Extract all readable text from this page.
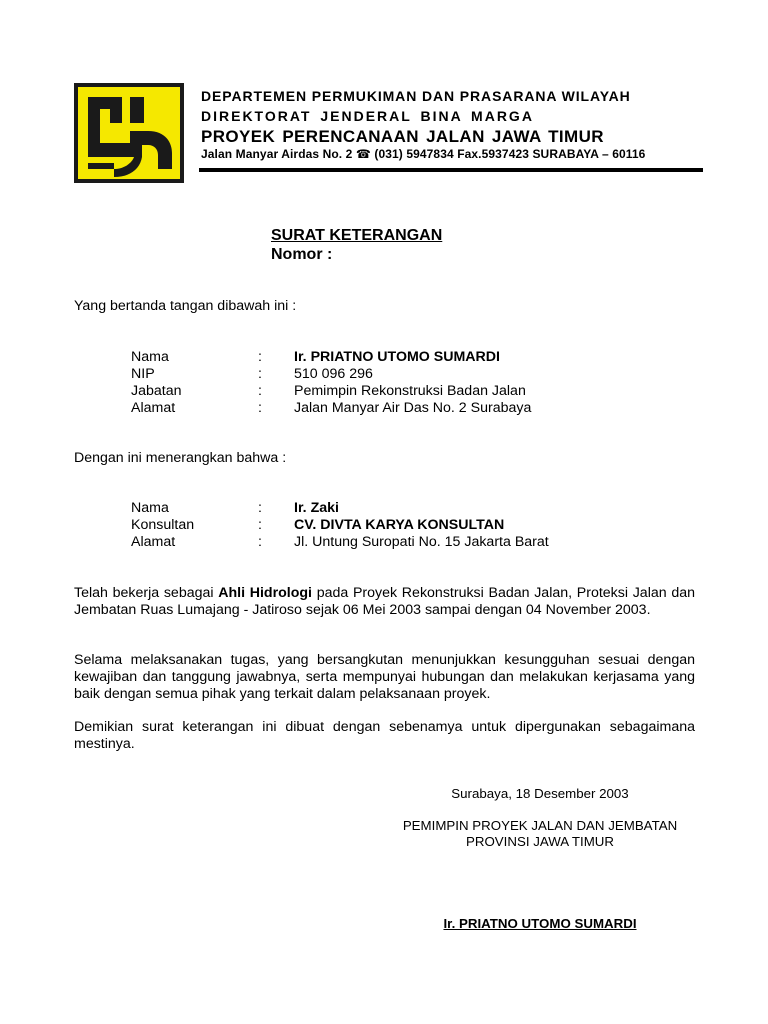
DEPARTEMEN PERMUKIMAN DAN PRASARANA WILAYAH
DIREKTORAT JENDERAL BINA MARGA
PROYEK PERENCANAAN JALAN JAWA TIMUR
Jalan Manyar Airdas No. 2 ☎ (031) 5947834 Fax.5937423 SURABAYA – 60116
SURAT KETERANGAN
Nomor :
Yang bertanda tangan dibawah ini :
Nama	: Ir. PRIATNO UTOMO SUMARDI
NIP	: 510 096 296
Jabatan	: Pemimpin Rekonstruksi Badan Jalan
Alamat	: Jalan Manyar Air Das No. 2 Surabaya
Dengan ini menerangkan bahwa :
Nama	: Ir. Zaki
Konsultan	: CV. DIVTA KARYA KONSULTAN
Alamat	: Jl. Untung Suropati No. 15 Jakarta Barat
Telah bekerja sebagai Ahli Hidrologi pada Proyek Rekonstruksi Badan Jalan, Proteksi Jalan dan Jembatan Ruas Lumajang - Jatiroso sejak 06 Mei 2003 sampai dengan 04 November 2003.
Selama melaksanakan tugas, yang bersangkutan menunjukkan kesungguhan sesuai dengan kewajiban dan tanggung jawabnya, serta mempunyai hubungan dan melakukan kerjasama yang baik dengan semua pihak yang terkait dalam pelaksanaan proyek.
Demikian surat keterangan ini dibuat dengan sebenamya untuk dipergunakan sebagaimana mestinya.
Surabaya, 18 Desember 2003
PEMIMPIN PROYEK JALAN DAN JEMBATAN
PROVINSI JAWA TIMUR
Ir. PRIATNO UTOMO SUMARDI
